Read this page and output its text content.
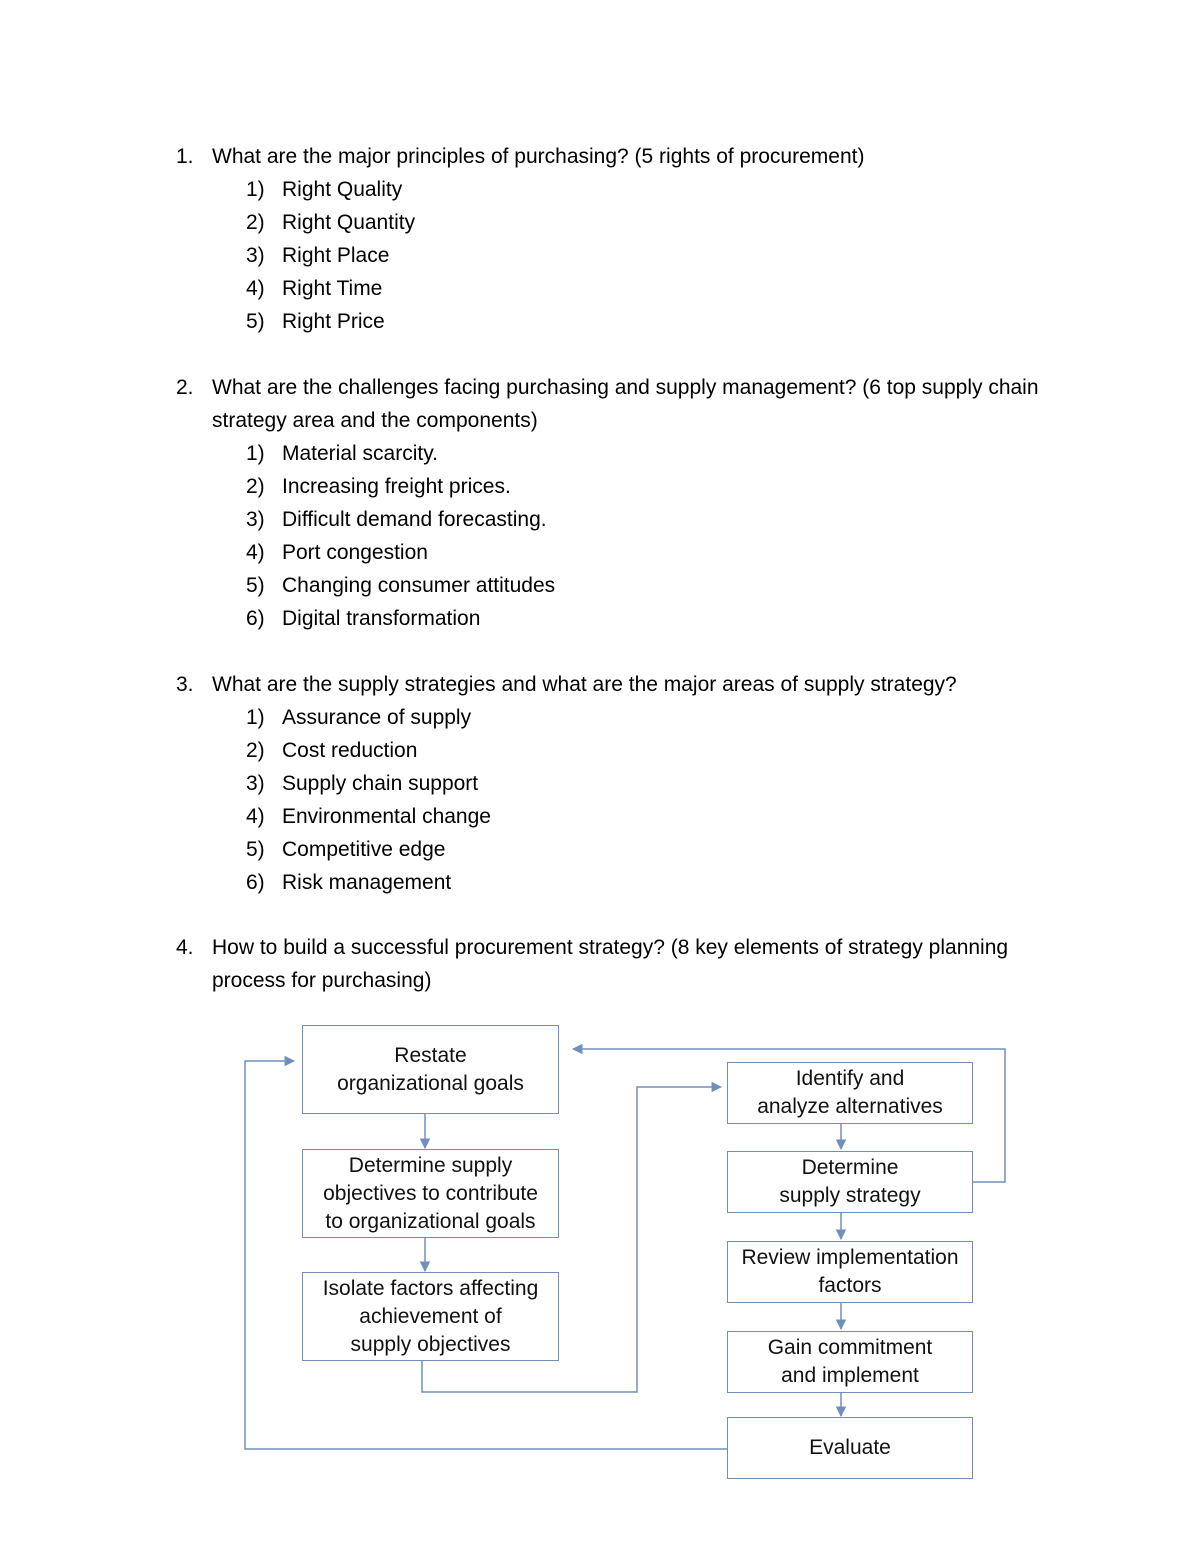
1. What are the major principles of purchasing? (5 rights of procurement)
1) Right Quality
2) Right Quantity
3) Right Place
4) Right Time
5) Right Price
2. What are the challenges facing purchasing and supply management? (6 top supply chain strategy area and the components)
1) Material scarcity.
2) Increasing freight prices.
3) Difficult demand forecasting.
4) Port congestion
5) Changing consumer attitudes
6) Digital transformation
3. What are the supply strategies and what are the major areas of supply strategy?
1) Assurance of supply
2) Cost reduction
3) Supply chain support
4) Environmental change
5) Competitive edge
6) Risk management
4. How to build a successful procurement strategy? (8 key elements of strategy planning process for purchasing)
Restate
organizational goals
Determine supply
objectives to contribute
to organizational goals
Isolate factors affecting
achievement of
supply objectives
Identify and
analyze alternatives
Determine
supply strategy
Review implementation
factors
Gain commitment
and implement
Evaluate
